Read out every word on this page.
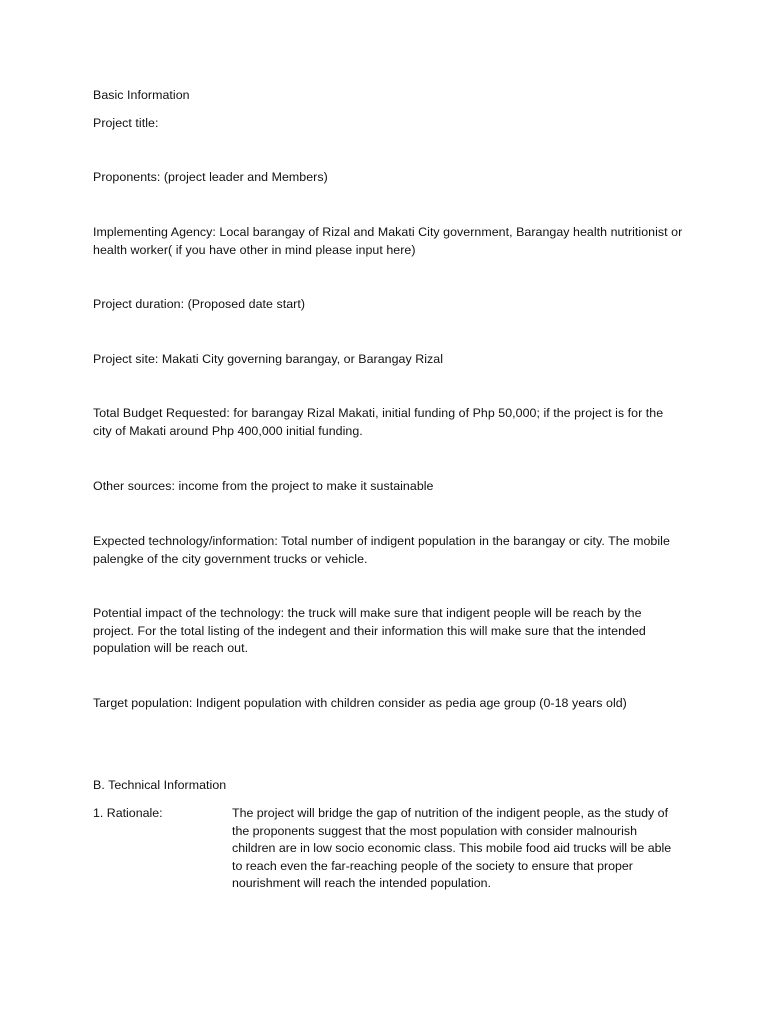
Basic Information

Project title:

Proponents: (project leader and Members)

Implementing Agency: Local barangay of Rizal and Makati City government, Barangay health nutritionist or health worker( if you have other in mind please input here)

Project duration: (Proposed date start)

Project site: Makati City governing barangay, or Barangay Rizal

Total Budget Requested: for barangay Rizal Makati, initial funding of Php 50,000; if the project is for the city of Makati around Php 400,000 initial funding.

Other sources: income from the project to make it sustainable

Expected technology/information: Total number of indigent population in the barangay or city. The mobile palengke of the city government trucks or vehicle.

Potential impact of the technology: the truck will make sure that indigent people will be reach by the project. For the total listing of the indegent and their information this will make sure that the intended population will be reach out.

Target population: Indigent population with children consider as pedia age group (0-18 years old)

B. Technical Information

1. Rationale:	The project will bridge the gap of nutrition of the indigent people, as the study of the proponents suggest that the most population with consider malnourish children are in low socio economic class. This mobile food aid trucks will be able to reach even the far-reaching people of the society to ensure that proper nourishment will reach the intended population.
